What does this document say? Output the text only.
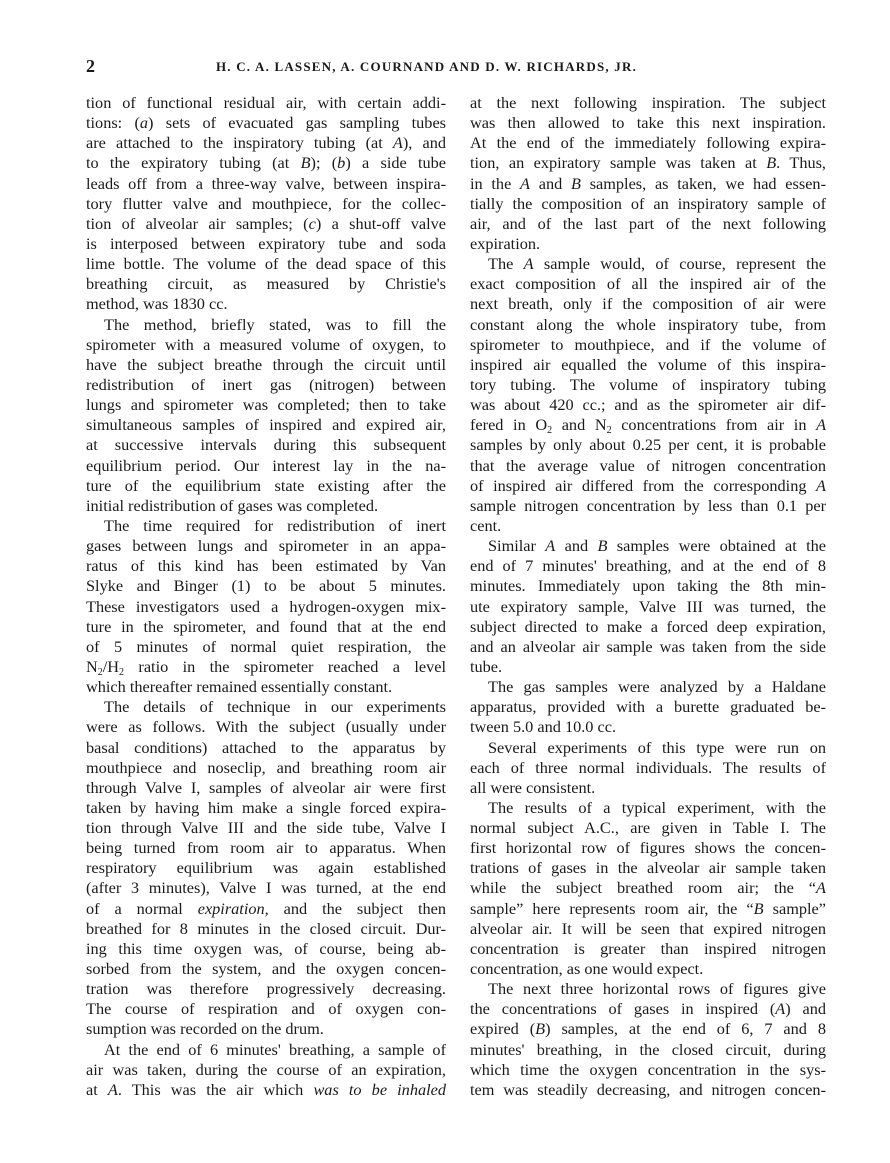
2	H. C. A. LASSEN, A. COURNAND AND D. W. RICHARDS, JR.
tion of functional residual air, with certain addi-
tions: (a) sets of evacuated gas sampling tubes
are attached to the inspiratory tubing (at A), and
to the expiratory tubing (at B); (b) a side tube
leads off from a three-way valve, between inspira-
tory flutter valve and mouthpiece, for the collec-
tion of alveolar air samples; (c) a shut-off valve
is interposed between expiratory tube and soda
lime bottle. The volume of the dead space of this
breathing circuit, as measured by Christie's
method, was 1830 cc.
The method, briefly stated, was to fill the
spirometer with a measured volume of oxygen, to
have the subject breathe through the circuit until
redistribution of inert gas (nitrogen) between
lungs and spirometer was completed; then to take
simultaneous samples of inspired and expired air,
at successive intervals during this subsequent
equilibrium period. Our interest lay in the na-
ture of the equilibrium state existing after the
initial redistribution of gases was completed.
The time required for redistribution of inert
gases between lungs and spirometer in an appa-
ratus of this kind has been estimated by Van
Slyke and Binger (1) to be about 5 minutes.
These investigators used a hydrogen-oxygen mix-
ture in the spirometer, and found that at the end
of 5 minutes of normal quiet respiration, the
$N_2/H_2$ ratio in the spirometer reached a level
which thereafter remained essentially constant.
The details of technique in our experiments
were as follows. With the subject (usually under
basal conditions) attached to the apparatus by
mouthpiece and noseclip, and breathing room air
through Valve I, samples of alveolar air were first
taken by having him make a single forced expira-
tion through Valve III and the side tube, Valve I
being turned from room air to apparatus. When
respiratory equilibrium was again established
(after 3 minutes), Valve I was turned, at the end
of a normal expiration, and the subject then
breathed for 8 minutes in the closed circuit. Dur-
ing this time oxygen was, of course, being ab-
sorbed from the system, and the oxygen concen-
tration was therefore progressively decreasing.
The course of respiration and of oxygen con-
sumption was recorded on the drum.
At the end of 6 minutes' breathing, a sample of
air was taken, during the course of an expiration,
at A. This was the air which was to be inhaled
at the next following inspiration. The subject
was then allowed to take this next inspiration.
At the end of the immediately following expira-
tion, an expiratory sample was taken at B. Thus,
in the A and B samples, as taken, we had essen-
tially the composition of an inspiratory sample of
air, and of the last part of the next following
expiration.
The A sample would, of course, represent the
exact composition of all the inspired air of the
next breath, only if the composition of air were
constant along the whole inspiratory tube, from
spirometer to mouthpiece, and if the volume of
inspired air equalled the volume of this inspira-
tory tubing. The volume of inspiratory tubing
was about 420 cc.; and as the spirometer air dif-
fered in $O_2$ and $N_2$ concentrations from air in A
samples by only about 0.25 per cent, it is probable
that the average value of nitrogen concentration
of inspired air differed from the corresponding A
sample nitrogen concentration by less than 0.1 per
cent.
Similar A and B samples were obtained at the
end of 7 minutes' breathing, and at the end of 8
minutes. Immediately upon taking the 8th min-
ute expiratory sample, Valve III was turned, the
subject directed to make a forced deep expiration,
and an alveolar air sample was taken from the side
tube.
The gas samples were analyzed by a Haldane
apparatus, provided with a burette graduated be-
tween 5.0 and 10.0 cc.
Several experiments of this type were run on
each of three normal individuals. The results of
all were consistent.
The results of a typical experiment, with the
normal subject A.C., are given in Table I. The
first horizontal row of figures shows the concen-
trations of gases in the alveolar air sample taken
while the subject breathed room air; the “A
sample” here represents room air, the “B sample”
alveolar air. It will be seen that expired nitrogen
concentration is greater than inspired nitrogen
concentration, as one would expect.
The next three horizontal rows of figures give
the concentrations of gases in inspired (A) and
expired (B) samples, at the end of 6, 7 and 8
minutes' breathing, in the closed circuit, during
which time the oxygen concentration in the sys-
tem was steadily decreasing, and nitrogen concen-
